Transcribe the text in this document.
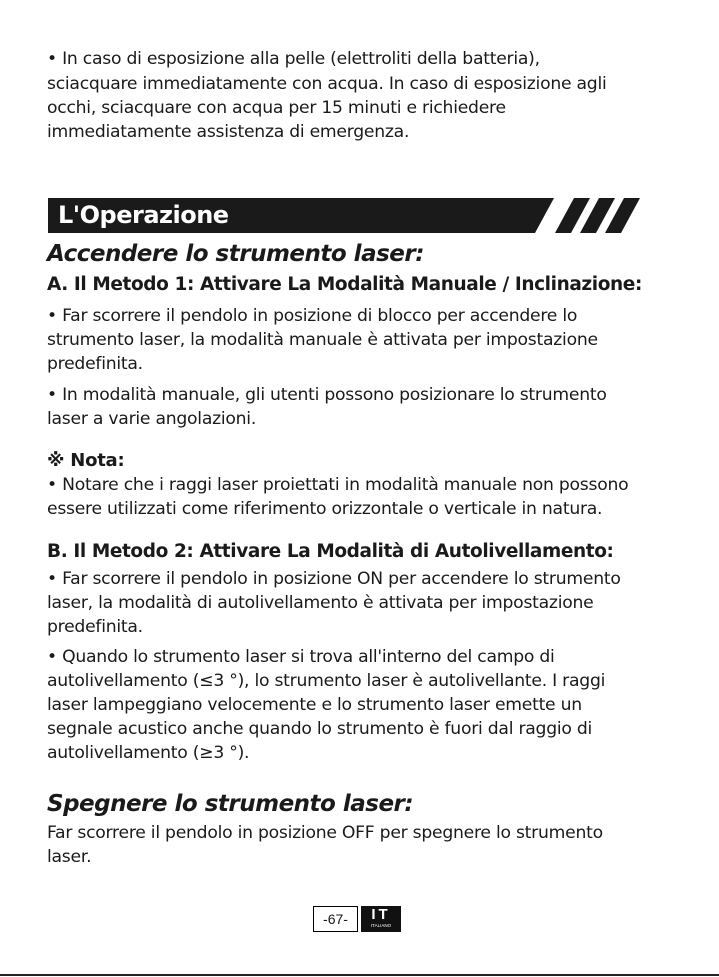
• In caso di esposizione alla pelle (elettroliti della batteria),

sciacquare immediatamente con acqua. In caso di esposizione agli

occhi, sciacquare con acqua per 15 minuti e richiedere

immediatamente assistenza di emergenza.

L'Operazione
Accendere lo strumento laser:
A. Il Metodo 1: Attivare La Modalità Manuale / Inclinazione:

• Far scorrere il pendolo in posizione di blocco per accendere lo

strumento laser, la modalità manuale è attivata per impostazione

predefinita.

• In modalità manuale, gli utenti possono posizionare lo strumento

laser a varie angolazioni.

※ Nota:

• Notare che i raggi laser proiettati in modalità manuale non possono

essere utilizzati come riferimento orizzontale o verticale in natura.

B. Il Metodo 2: Attivare La Modalità di Autolivellamento:

• Far scorrere il pendolo in posizione ON per accendere lo strumento

laser, la modalità di autolivellamento è attivata per impostazione

predefinita.

• Quando lo strumento laser si trova all'interno del campo di

autolivellamento (≤3 °), lo strumento laser è autolivellante. I raggi

laser lampeggiano velocemente e lo strumento laser emette un

segnale acustico anche quando lo strumento è fuori dal raggio di

autolivellamento (≥3 °).

Spegnere lo strumento laser:

Far scorrere il pendolo in posizione OFF per spegnere lo strumento

laser.

-67-	IT
ITALIANO
